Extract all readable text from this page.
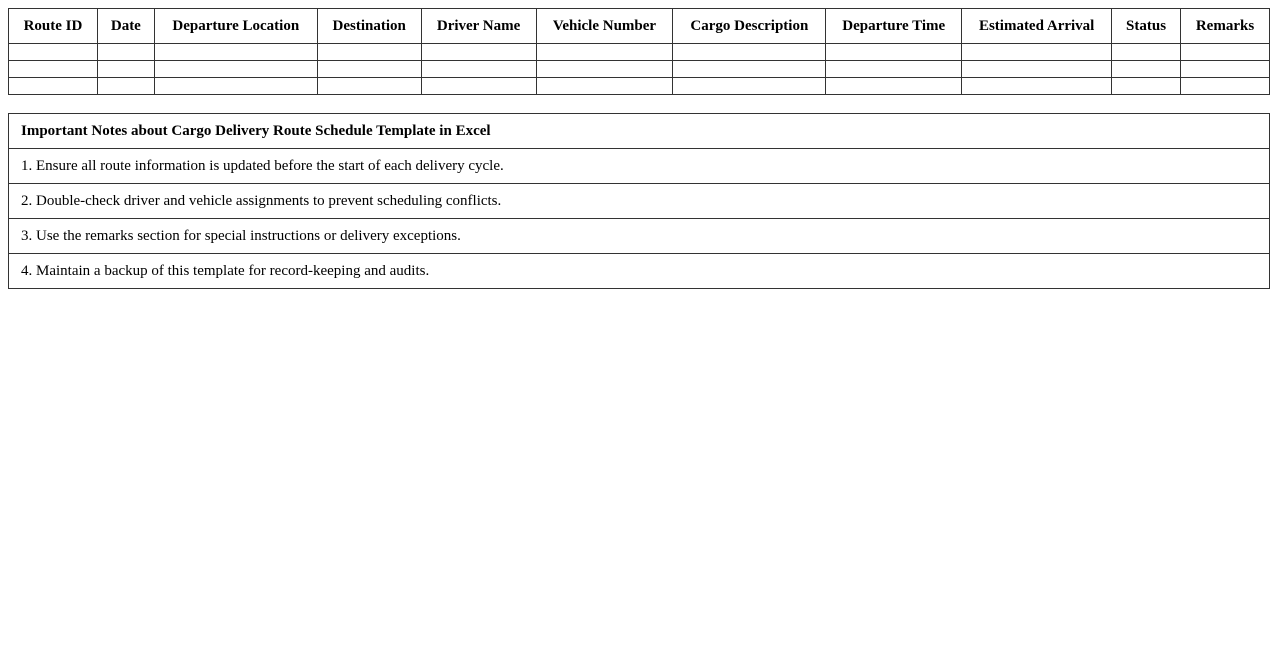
Route ID	Date	Departure Location	Destination	Driver Name	Vehicle Number	Cargo Description	Departure Time	Estimated Arrival	Status	Remarks

Important Notes about Cargo Delivery Route Schedule Template in Excel
1. Ensure all route information is updated before the start of each delivery cycle.
2. Double-check driver and vehicle assignments to prevent scheduling conflicts.
3. Use the remarks section for special instructions or delivery exceptions.
4. Maintain a backup of this template for record-keeping and audits.
